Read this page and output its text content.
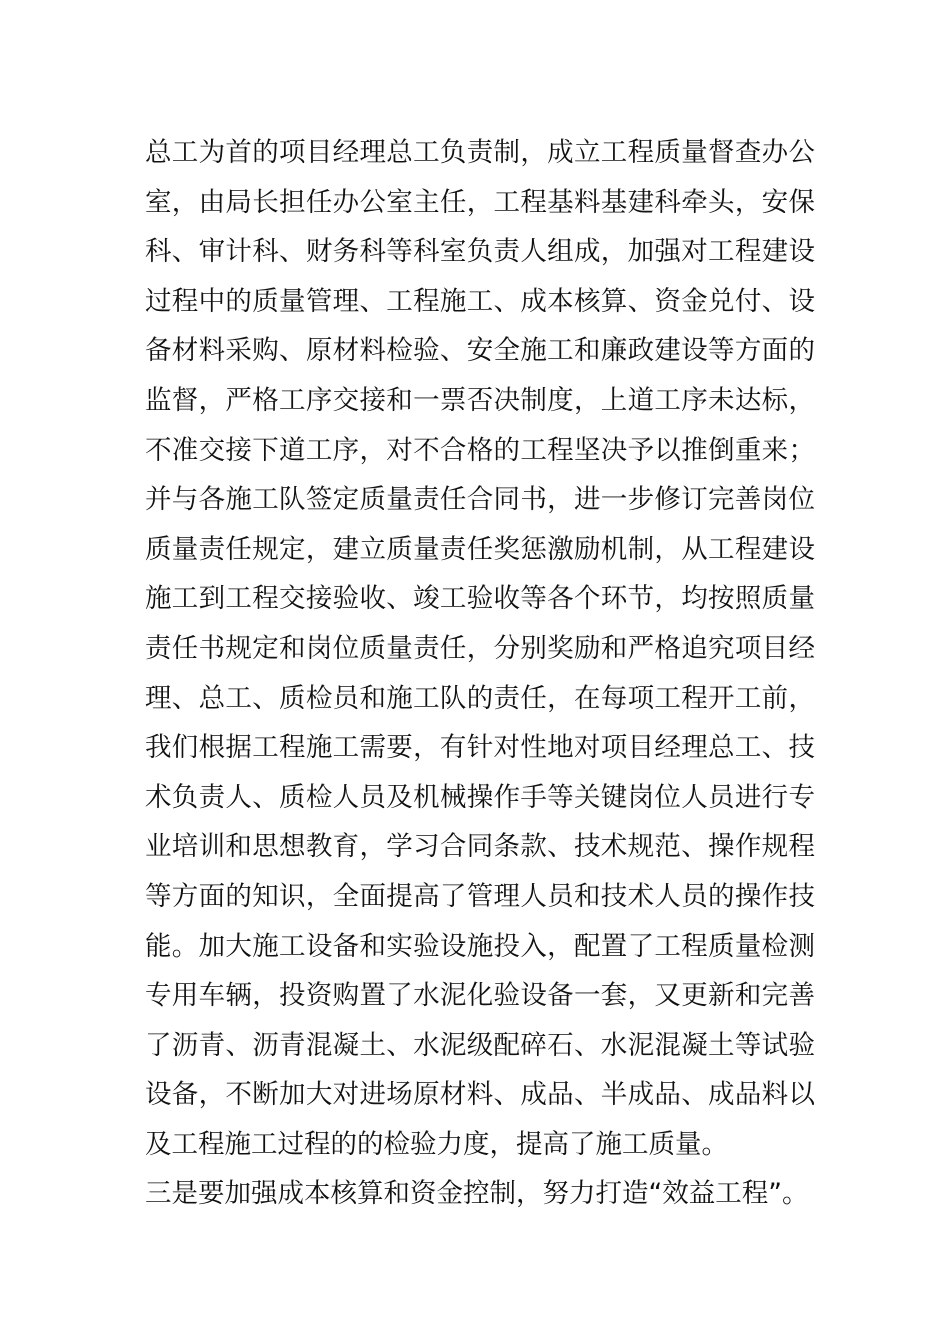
总工为首的项目经理总工负责制，成立工程质量督查办公
室，由局长担任办公室主任，工程基料基建科牵头，安保
科、审计科、财务科等科室负责人组成，加强对工程建设
过程中的质量管理、工程施工、成本核算、资金兑付、设
备材料采购、原材料检验、安全施工和廉政建设等方面的
监督，严格工序交接和一票否决制度，上道工序未达标，
不准交接下道工序，对不合格的工程坚决予以推倒重来；
并与各施工队签定质量责任合同书，进一步修订完善岗位
质量责任规定，建立质量责任奖惩激励机制，从工程建设
施工到工程交接验收、竣工验收等各个环节，均按照质量
责任书规定和岗位质量责任，分别奖励和严格追究项目经
理、总工、质检员和施工队的责任，在每项工程开工前，
我们根据工程施工需要，有针对性地对项目经理总工、技
术负责人、质检人员及机械操作手等关键岗位人员进行专
业培训和思想教育，学习合同条款、技术规范、操作规程
等方面的知识，全面提高了管理人员和技术人员的操作技
能。加大施工设备和实验设施投入，配置了工程质量检测
专用车辆，投资购置了水泥化验设备一套，又更新和完善
了沥青、沥青混凝土、水泥级配碎石、水泥混凝土等试验
设备，不断加大对进场原材料、成品、半成品、成品料以
及工程施工过程的的检验力度，提高了施工质量。
三是要加强成本核算和资金控制，努力打造“效益工程”。
